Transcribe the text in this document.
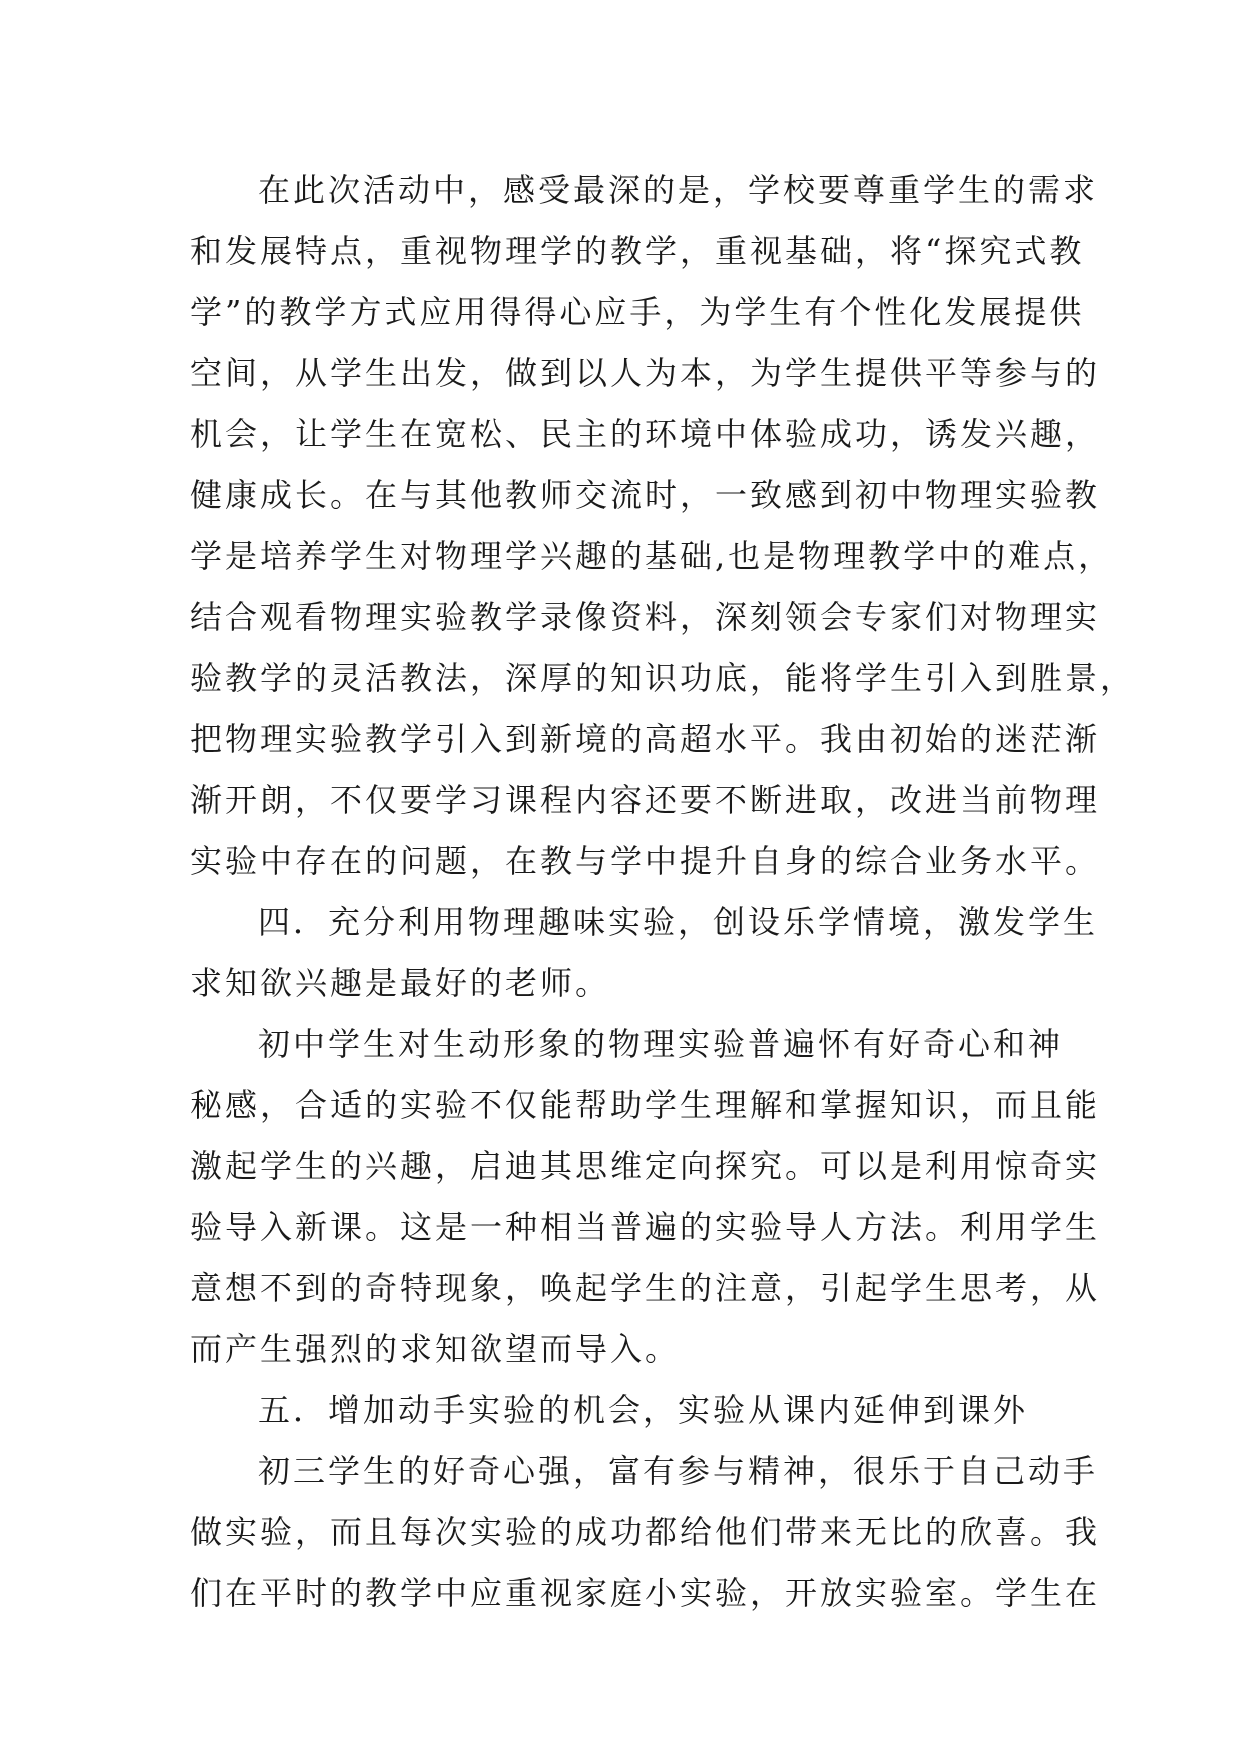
在此次活动中，感受最深的是，学校要尊重学生的需求
和发展特点，重视物理学的教学，重视基础，将“探究式教
学”的教学方式应用得得心应手，为学生有个性化发展提供
空间，从学生出发，做到以人为本，为学生提供平等参与的
机会，让学生在宽松、民主的环境中体验成功，诱发兴趣，
健康成长。在与其他教师交流时，一致感到初中物理实验教
学是培养学生对物理学兴趣的基础,也是物理教学中的难点，
结合观看物理实验教学录像资料，深刻领会专家们对物理实
验教学的灵活教法，深厚的知识功底，能将学生引入到胜景，
把物理实验教学引入到新境的高超水平。我由初始的迷茫渐
渐开朗，不仅要学习课程内容还要不断进取，改进当前物理
实验中存在的问题，在教与学中提升自身的综合业务水平。
四．充分利用物理趣味实验，创设乐学情境，激发学生
求知欲兴趣是最好的老师。
初中学生对生动形象的物理实验普遍怀有好奇心和神
秘感，合适的实验不仅能帮助学生理解和掌握知识，而且能
激起学生的兴趣，启迪其思维定向探究。可以是利用惊奇实
验导入新课。这是一种相当普遍的实验导人方法。利用学生
意想不到的奇特现象，唤起学生的注意，引起学生思考，从
而产生强烈的求知欲望而导入。
五．增加动手实验的机会，实验从课内延伸到课外
初三学生的好奇心强，富有参与精神，很乐于自己动手
做实验，而且每次实验的成功都给他们带来无比的欣喜。我
们在平时的教学中应重视家庭小实验，开放实验室。学生在
